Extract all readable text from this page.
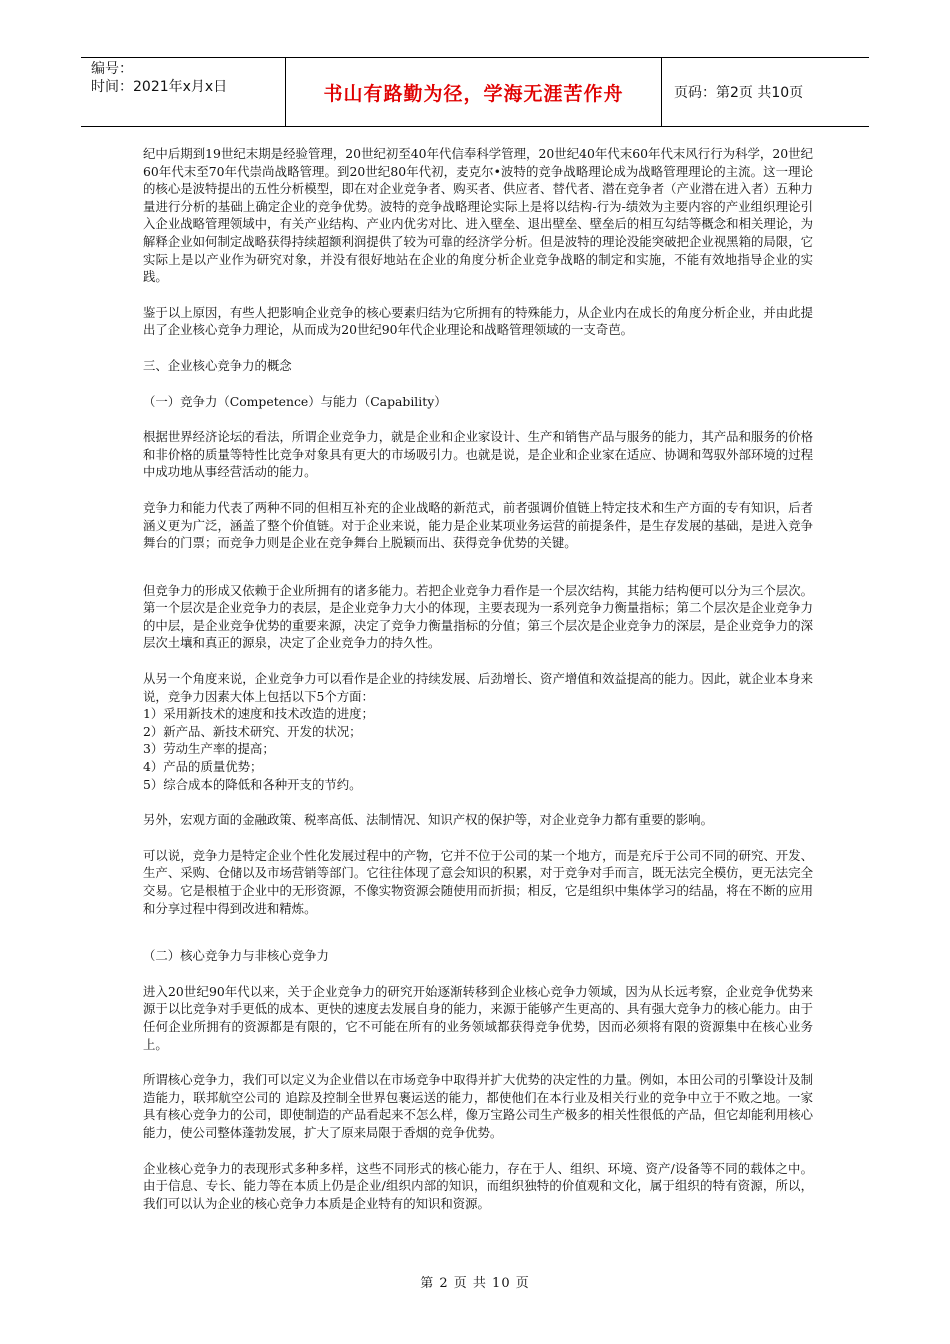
编号：
时间：2021年x月x日	书山有路勤为径，学海无涯苦作舟	页码：第2页 共10页

纪中后期到19世纪末期是经验管理，20世纪初至40年代信奉科学管理，20世纪40年代末60年代末风行行为科学，20世纪60年代末至70年代崇尚战略管理。到20世纪80年代初，麦克尔•波特的竞争战略理论成为战略管理理论的主流。这一理论的核心是波特提出的五性分析模型，即在对企业竞争者、购买者、供应者、替代者、潜在竞争者（产业潜在进入者）五种力量进行分析的基础上确定企业的竞争优势。波特的竞争战略理论实际上是将以结构-行为-绩效为主要内容的产业组织理论引入企业战略管理领域中，有关产业结构、产业内优劣对比、进入壁垒、退出壁垒、壁垒后的相互勾结等概念和相关理论，为解释企业如何制定战略获得持续超额利润提供了较为可靠的经济学分析。但是波特的理论没能突破把企业视黑箱的局限，它实际上是以产业作为研究对象，并没有很好地站在企业的角度分析企业竞争战略的制定和实施，不能有效地指导企业的实践。

鉴于以上原因，有些人把影响企业竞争的核心要素归结为它所拥有的特殊能力，从企业内在成长的角度分析企业，并由此提出了企业核心竞争力理论，从而成为20世纪90年代企业理论和战略管理领域的一支奇芭。

三、企业核心竞争力的概念

（一）竞争力（Competence）与能力（Capability）

根据世界经济论坛的看法，所谓企业竞争力，就是企业和企业家设计、生产和销售产品与服务的能力，其产品和服务的价格和非价格的质量等特性比竞争对象具有更大的市场吸引力。也就是说，是企业和企业家在适应、协调和驾驭外部环境的过程中成功地从事经营活动的能力。

竞争力和能力代表了两种不同的但相互补充的企业战略的新范式，前者强调价值链上特定技术和生产方面的专有知识，后者涵义更为广泛，涵盖了整个价值链。对于企业来说，能力是企业某项业务运营的前提条件，是生存发展的基础，是进入竞争舞台的门票；而竞争力则是企业在竞争舞台上脱颖而出、获得竞争优势的关键。

但竞争力的形成又依赖于企业所拥有的诸多能力。若把企业竞争力看作是一个层次结构，其能力结构便可以分为三个层次。第一个层次是企业竞争力的表层，是企业竞争力大小的体现，主要表现为一系列竞争力衡量指标；第二个层次是企业竞争力的中层，是企业竞争优势的重要来源，决定了竞争力衡量指标的分值；第三个层次是企业竞争力的深层，是企业竞争力的深层次土壤和真正的源泉，决定了企业竞争力的持久性。

从另一个角度来说，企业竞争力可以看作是企业的持续发展、后劲增长、资产增值和效益提高的能力。因此，就企业本身来说，竞争力因素大体上包括以下5个方面：

1）采用新技术的速度和技术改造的进度；
2）新产品、新技术研究、开发的状况；
3）劳动生产率的提高；
4）产品的质量优势；
5）综合成本的降低和各种开支的节约。

另外，宏观方面的金融政策、税率高低、法制情况、知识产权的保护等，对企业竞争力都有重要的影响。

可以说，竞争力是特定企业个性化发展过程中的产物，它并不位于公司的某一个地方，而是充斥于公司不同的研究、开发、生产、采购、仓储以及市场营销等部门。它往往体现了意会知识的积累，对于竞争对手而言，既无法完全模仿，更无法完全交易。它是根植于企业中的无形资源，不像实物资源会随使用而折损；相反，它是组织中集体学习的结晶，将在不断的应用和分享过程中得到改进和精炼。

（二）核心竞争力与非核心竞争力

进入20世纪90年代以来，关于企业竞争力的研究开始逐渐转移到企业核心竞争力领域，因为从长远考察，企业竞争优势来源于以比竞争对手更低的成本、更快的速度去发展自身的能力，来源于能够产生更高的、具有强大竞争力的核心能力。由于任何企业所拥有的资源都是有限的，它不可能在所有的业务领域都获得竞争优势，因而必须将有限的资源集中在核心业务上。

所谓核心竞争力，我们可以定义为企业借以在市场竞争中取得并扩大优势的决定性的力量。例如，本田公司的引擎设计及制造能力，联邦航空公司的 追踪及控制全世界包裹运送的能力，都使他们在本行业及相关行业的竞争中立于不败之地。一家具有核心竞争力的公司，即使制造的产品看起来不怎么样，像万宝路公司生产极多的相关性很低的产品，但它却能利用核心能力，使公司整体蓬勃发展，扩大了原来局限于香烟的竞争优势。

企业核心竞争力的表现形式多种多样，这些不同形式的核心能力，存在于人、组织、环境、资产/设备等不同的载体之中。由于信息、专长、能力等在本质上仍是企业/组织内部的知识，而组织独特的价值观和文化，属于组织的特有资源，所以，我们可以认为企业的核心竞争力本质是企业特有的知识和资源。

第 2 页 共 10 页
